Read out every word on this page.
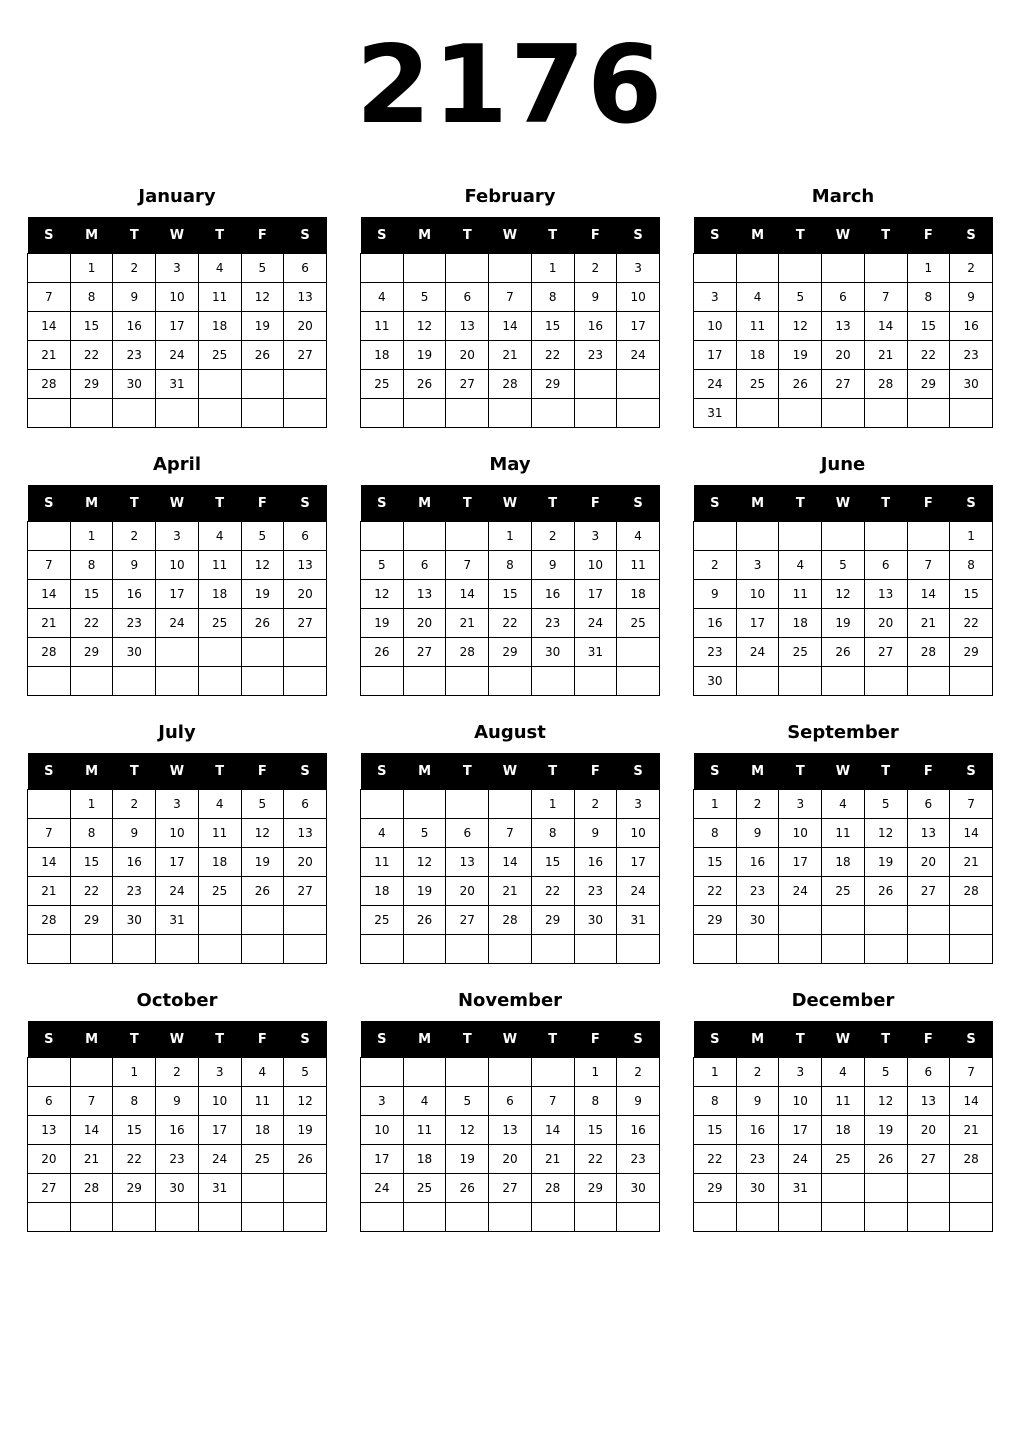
2176
January
S	M	T	W	T	F	S
	1	2	3	4	5	6
7	8	9	10	11	12	13
14	15	16	17	18	19	20
21	22	23	24	25	26	27
28	29	30	31			

February
S	M	T	W	T	F	S
				1	2	3
4	5	6	7	8	9	10
11	12	13	14	15	16	17
18	19	20	21	22	23	24
25	26	27	28	29		

March
S	M	T	W	T	F	S
					1	2
3	4	5	6	7	8	9
10	11	12	13	14	15	16
17	18	19	20	21	22	23
24	25	26	27	28	29	30
31						
April
S	M	T	W	T	F	S
	1	2	3	4	5	6
7	8	9	10	11	12	13
14	15	16	17	18	19	20
21	22	23	24	25	26	27
28	29	30				

May
S	M	T	W	T	F	S
			1	2	3	4
5	6	7	8	9	10	11
12	13	14	15	16	17	18
19	20	21	22	23	24	25
26	27	28	29	30	31	

June
S	M	T	W	T	F	S
						1
2	3	4	5	6	7	8
9	10	11	12	13	14	15
16	17	18	19	20	21	22
23	24	25	26	27	28	29
30						
July
S	M	T	W	T	F	S
	1	2	3	4	5	6
7	8	9	10	11	12	13
14	15	16	17	18	19	20
21	22	23	24	25	26	27
28	29	30	31			

August
S	M	T	W	T	F	S
				1	2	3
4	5	6	7	8	9	10
11	12	13	14	15	16	17
18	19	20	21	22	23	24
25	26	27	28	29	30	31

September
S	M	T	W	T	F	S
1	2	3	4	5	6	7
8	9	10	11	12	13	14
15	16	17	18	19	20	21
22	23	24	25	26	27	28
29	30					

October
S	M	T	W	T	F	S
		1	2	3	4	5
6	7	8	9	10	11	12
13	14	15	16	17	18	19
20	21	22	23	24	25	26
27	28	29	30	31		

November
S	M	T	W	T	F	S
					1	2
3	4	5	6	7	8	9
10	11	12	13	14	15	16
17	18	19	20	21	22	23
24	25	26	27	28	29	30

December
S	M	T	W	T	F	S
1	2	3	4	5	6	7
8	9	10	11	12	13	14
15	16	17	18	19	20	21
22	23	24	25	26	27	28
29	30	31				
